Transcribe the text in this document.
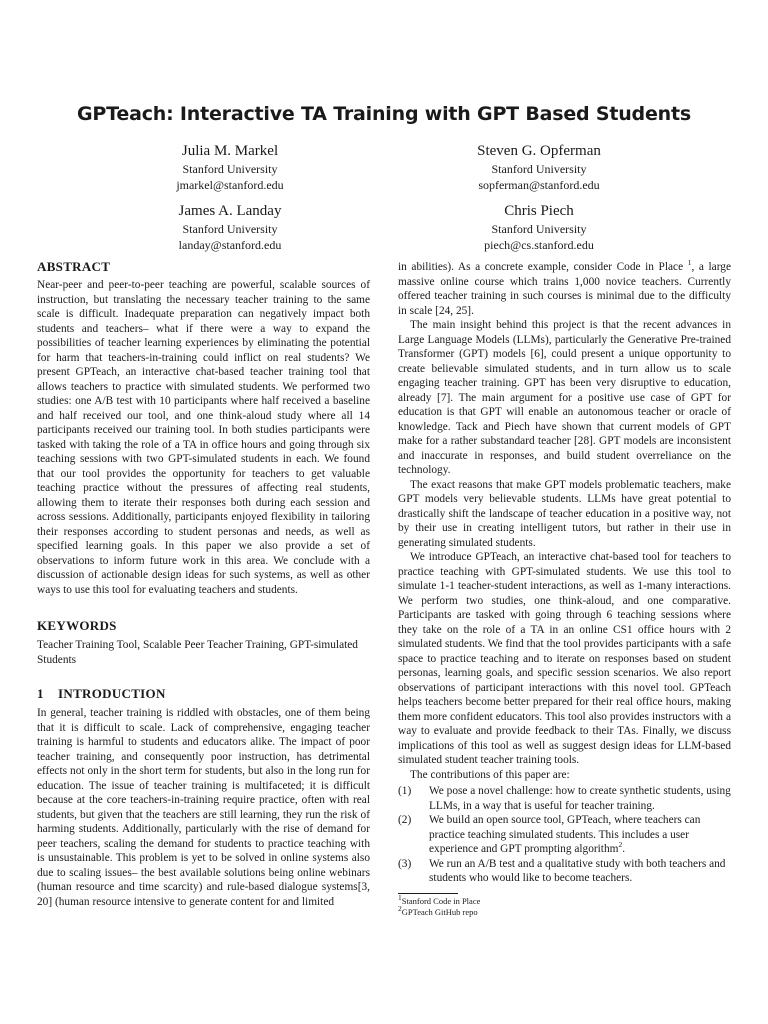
GPTeach: Interactive TA Training with GPT Based Students
Julia M. Markel
Stanford University
jmarkel@stanford.edu
Steven G. Opferman
Stanford University
sopferman@stanford.edu
James A. Landay
Stanford University
landay@stanford.edu
Chris Piech
Stanford University
piech@cs.stanford.edu
ABSTRACT

Near-peer and peer-to-peer teaching are powerful, scalable sources of instruction, but translating the necessary teacher training to the same scale is difficult. Inadequate preparation can negatively impact both students and teachers– what if there were a way to expand the possibilities of teacher learning experiences by eliminating the potential for harm that teachers-in-training could inflict on real students? We present GPTeach, an interactive chat-based teacher training tool that allows teachers to practice with simulated students. We performed two studies: one A/B test with 10 participants where half received a baseline and half received our tool, and one think-aloud study where all 14 participants received our training tool. In both studies participants were tasked with taking the role of a TA in office hours and going through six teaching sessions with two GPT-simulated students in each. We found that our tool provides the opportunity for teachers to get valuable teaching practice without the pressures of affecting real students, allowing them to iterate their responses both during each session and across sessions. Additionally, participants enjoyed flexibility in tailoring their responses according to student personas and needs, as well as specified learning goals. In this paper we also provide a set of observations to inform future work in this area. We conclude with a discussion of actionable design ideas for such systems, as well as other ways to use this tool for evaluating teachers and students.

KEYWORDS

Teacher Training Tool, Scalable Peer Teacher Training, GPT-simulated Students

1 INTRODUCTION

In general, teacher training is riddled with obstacles, one of them being that it is difficult to scale. Lack of comprehensive, engaging teacher training is harmful to students and educators alike. The impact of poor teacher training, and consequently poor instruction, has detrimental effects not only in the short term for students, but also in the long run for education. The issue of teacher training is multifaceted; it is difficult because at the core teachers-in-training require practice, often with real students, but given that the teachers are still learning, they run the risk of harming students. Additionally, particularly with the rise of demand for peer teachers, scaling the demand for students to practice teaching with is unsustainable. This problem is yet to be solved in online systems also due to scaling issues– the best available solutions being online webinars (human resource and time scarcity) and rule-based dialogue systems[3, 20] (human resource intensive to generate content for and limited

in abilities). As a concrete example, consider Code in Place $^1$, a large massive online course which trains 1,000 novice teachers. Currently offered teacher training in such courses is minimal due to the difficulty in scale [24, 25].

The main insight behind this project is that the recent advances in Large Language Models (LLMs), particularly the Generative Pre-trained Transformer (GPT) models [6], could present a unique opportunity to create believable simulated students, and in turn allow us to scale engaging teacher training. GPT has been very disruptive to education, already [7]. The main argument for a positive use case of GPT for education is that GPT will enable an autonomous teacher or oracle of knowledge. Tack and Piech have shown that current models of GPT make for a rather substandard teacher [28]. GPT models are inconsistent and inaccurate in responses, and build student overreliance on the technology.

The exact reasons that make GPT models problematic teachers, make GPT models very believable students. LLMs have great potential to drastically shift the landscape of teacher education in a positive way, not by their use in creating intelligent tutors, but rather in their use in generating simulated students.

We introduce GPTeach, an interactive chat-based tool for teachers to practice teaching with GPT-simulated students. We use this tool to simulate 1-1 teacher-student interactions, as well as 1-many interactions. We perform two studies, one think-aloud, and one comparative. Participants are tasked with going through 6 teaching sessions where they take on the role of a TA in an online CS1 office hours with 2 simulated students. We find that the tool provides participants with a safe space to practice teaching and to iterate on responses based on student personas, learning goals, and specific session scenarios. We also report observations of participant interactions with this novel tool. GPTeach helps teachers become better prepared for their real office hours, making them more confident educators. This tool also provides instructors with a way to evaluate and provide feedback to their TAs. Finally, we discuss implications of this tool as well as suggest design ideas for LLM-based simulated student teacher training tools.

The contributions of this paper are:

(1) We pose a novel challenge: how to create synthetic students, using LLMs, in a way that is useful for teacher training.
(2) We build an open source tool, GPTeach, where teachers can practice teaching simulated students. This includes a user experience and GPT prompting algorithm$^2$.
(3) We run an A/B test and a qualitative study with both teachers and students who would like to become teachers.
$^1$Stanford Code in Place
$^2$GPTeach GitHub repo
